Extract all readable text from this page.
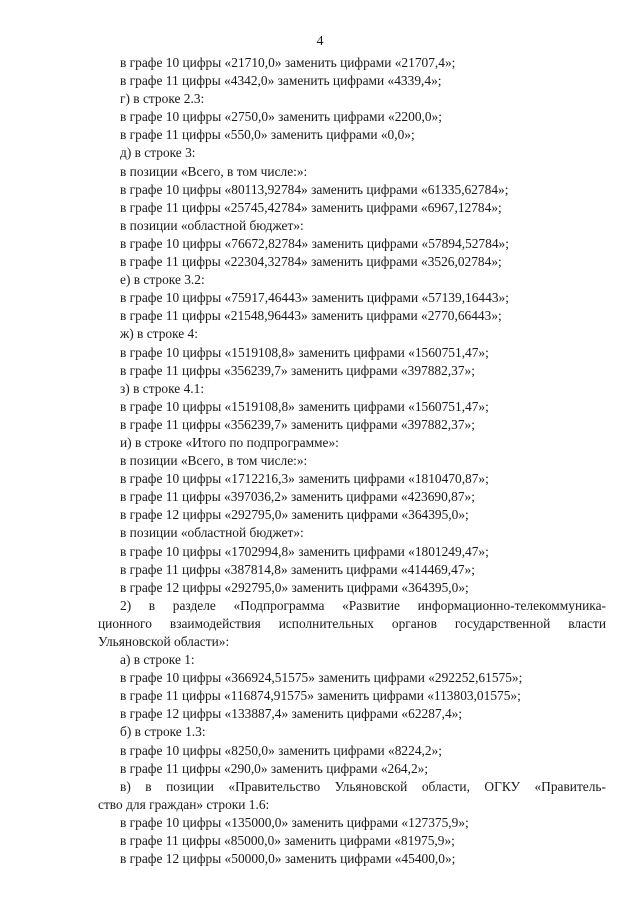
4
в графе 10 цифры «21710,0» заменить цифрами «21707,4»;
в графе 11 цифры «4342,0» заменить цифрами «4339,4»;
г) в строке 2.3:
в графе 10 цифры «2750,0» заменить цифрами «2200,0»;
в графе 11 цифры «550,0» заменить цифрами «0,0»;
д) в строке 3:
в позиции «Всего, в том числе:»:
в графе 10 цифры «80113,92784» заменить цифрами «61335,62784»;
в графе 11 цифры «25745,42784» заменить цифрами «6967,12784»;
в позиции «областной бюджет»:
в графе 10 цифры «76672,82784» заменить цифрами «57894,52784»;
в графе 11 цифры «22304,32784» заменить цифрами «3526,02784»;
е) в строке 3.2:
в графе 10 цифры «75917,46443» заменить цифрами «57139,16443»;
в графе 11 цифры «21548,96443» заменить цифрами «2770,66443»;
ж) в строке 4:
в графе 10 цифры «1519108,8» заменить цифрами «1560751,47»;
в графе 11 цифры «356239,7» заменить цифрами «397882,37»;
з) в строке 4.1:
в графе 10 цифры «1519108,8» заменить цифрами «1560751,47»;
в графе 11 цифры «356239,7» заменить цифрами «397882,37»;
и) в строке «Итого по подпрограмме»:
в позиции «Всего, в том числе:»:
в графе 10 цифры «1712216,3» заменить цифрами «1810470,87»;
в графе 11 цифры «397036,2» заменить цифрами «423690,87»;
в графе 12 цифры «292795,0» заменить цифрами «364395,0»;
в позиции «областной бюджет»:
в графе 10 цифры «1702994,8» заменить цифрами «1801249,47»;
в графе 11 цифры «387814,8» заменить цифрами «414469,47»;
в графе 12 цифры «292795,0» заменить цифрами «364395,0»;
2) в разделе «Подпрограмма «Развитие информационно-телекоммуника-
ционного взаимодействия исполнительных органов государственной власти
Ульяновской области»:
а) в строке 1:
в графе 10 цифры «366924,51575» заменить цифрами «292252,61575»;
в графе 11 цифры «116874,91575» заменить цифрами «113803,01575»;
в графе 12 цифры «133887,4» заменить цифрами «62287,4»;
б) в строке 1.3:
в графе 10 цифры «8250,0» заменить цифрами «8224,2»;
в графе 11 цифры «290,0» заменить цифрами «264,2»;
в) в позиции «Правительство Ульяновской области, ОГКУ «Правитель-
ство для граждан» строки 1.6:
в графе 10 цифры «135000,0» заменить цифрами «127375,9»;
в графе 11 цифры «85000,0» заменить цифрами «81975,9»;
в графе 12 цифры «50000,0» заменить цифрами «45400,0»;
